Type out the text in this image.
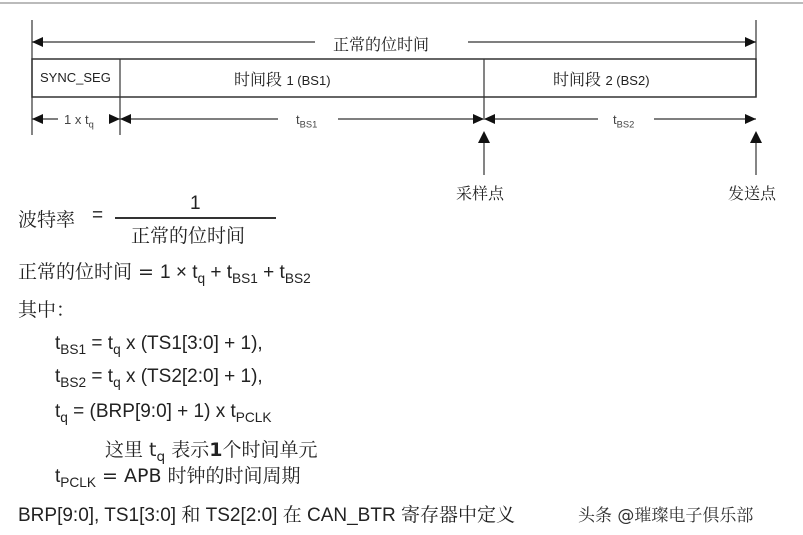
正常的位时间
SYNC_SEG	时间段 1 (BS1)	时间段 2 (BS2)
1 x $t_q$	$t_{BS1}$	$t_{BS2}$
采样点	发送点
波特率 =
1
正常的位时间
正常的位时间 = $1 \times t_q + t_{BS1} + t_{BS2}$
其中：
$t_{BS1} = t_q$ x (TS1[3:0] + 1),
$t_{BS2} = t_q$ x (TS2[2:0] + 1),
$t_q$ = (BRP[9:0] + 1) x $t_{PCLK}$
这里 $t_q$ 表示1个时间单元
$t_{PCLK}$ = APB 时钟的时间周期
BRP[9:0], TS1[3:0] 和 TS2[2:0] 在 CAN_BTR 寄存器中定义	头条 @璀璨电子俱乐部
